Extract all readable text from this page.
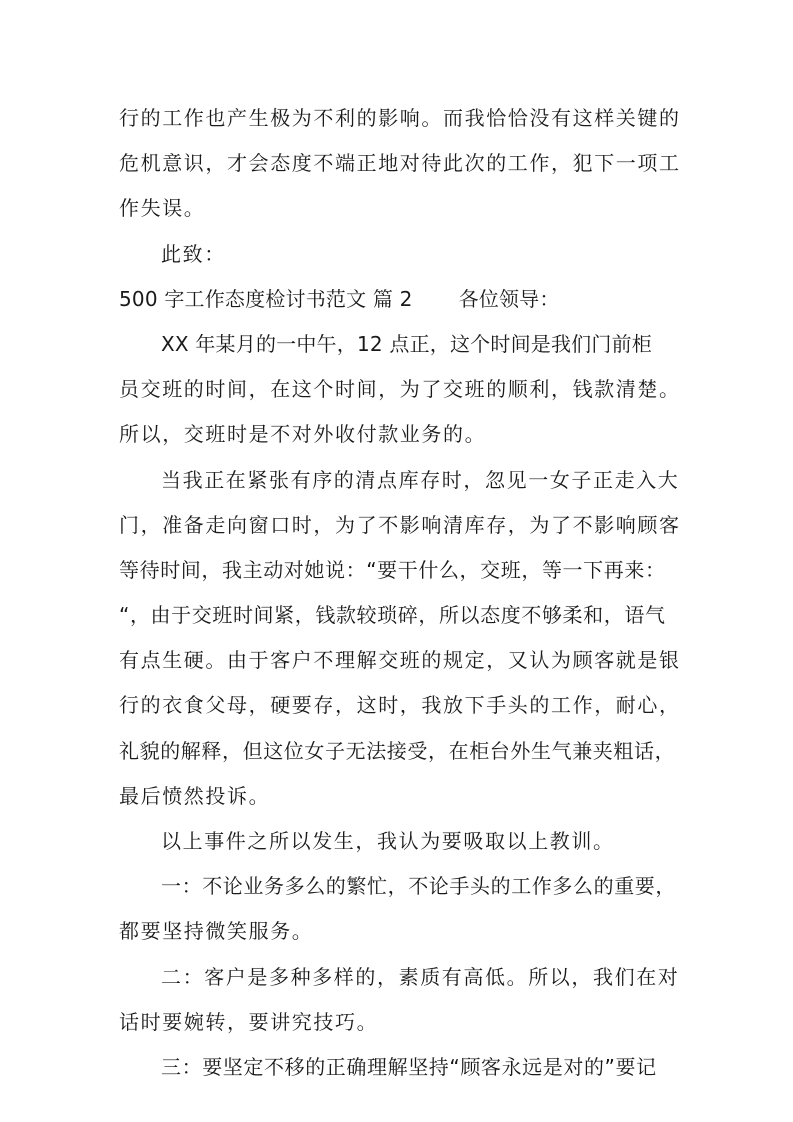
行的工作也产生极为不利的影响。而我恰恰没有这样关键的
危机意识，才会态度不端正地对待此次的工作，犯下一项工
作失误。
此致：
500 字工作态度检讨书范文 篇 2 各位领导：
XX 年某月的一中午，12 点正，这个时间是我们门前柜
员交班的时间，在这个时间，为了交班的顺利，钱款清楚。
所以，交班时是不对外收付款业务的。
当我正在紧张有序的清点库存时，忽见一女子正走入大
门，准备走向窗口时，为了不影响清库存，为了不影响顾客
等待时间，我主动对她说：“要干什么，交班，等一下再来：
“，由于交班时间紧，钱款较琐碎，所以态度不够柔和，语气
有点生硬。由于客户不理解交班的规定，又认为顾客就是银
行的衣食父母，硬要存，这时，我放下手头的工作，耐心，
礼貌的解释，但这位女子无法接受，在柜台外生气兼夹粗话，
最后愤然投诉。
以上事件之所以发生，我认为要吸取以上教训。
一：不论业务多么的繁忙，不论手头的工作多么的重要，
都要坚持微笑服务。
二：客户是多种多样的，素质有高低。所以，我们在对
话时要婉转，要讲究技巧。
三：要坚定不移的正确理解坚持“顾客永远是对的”要记
